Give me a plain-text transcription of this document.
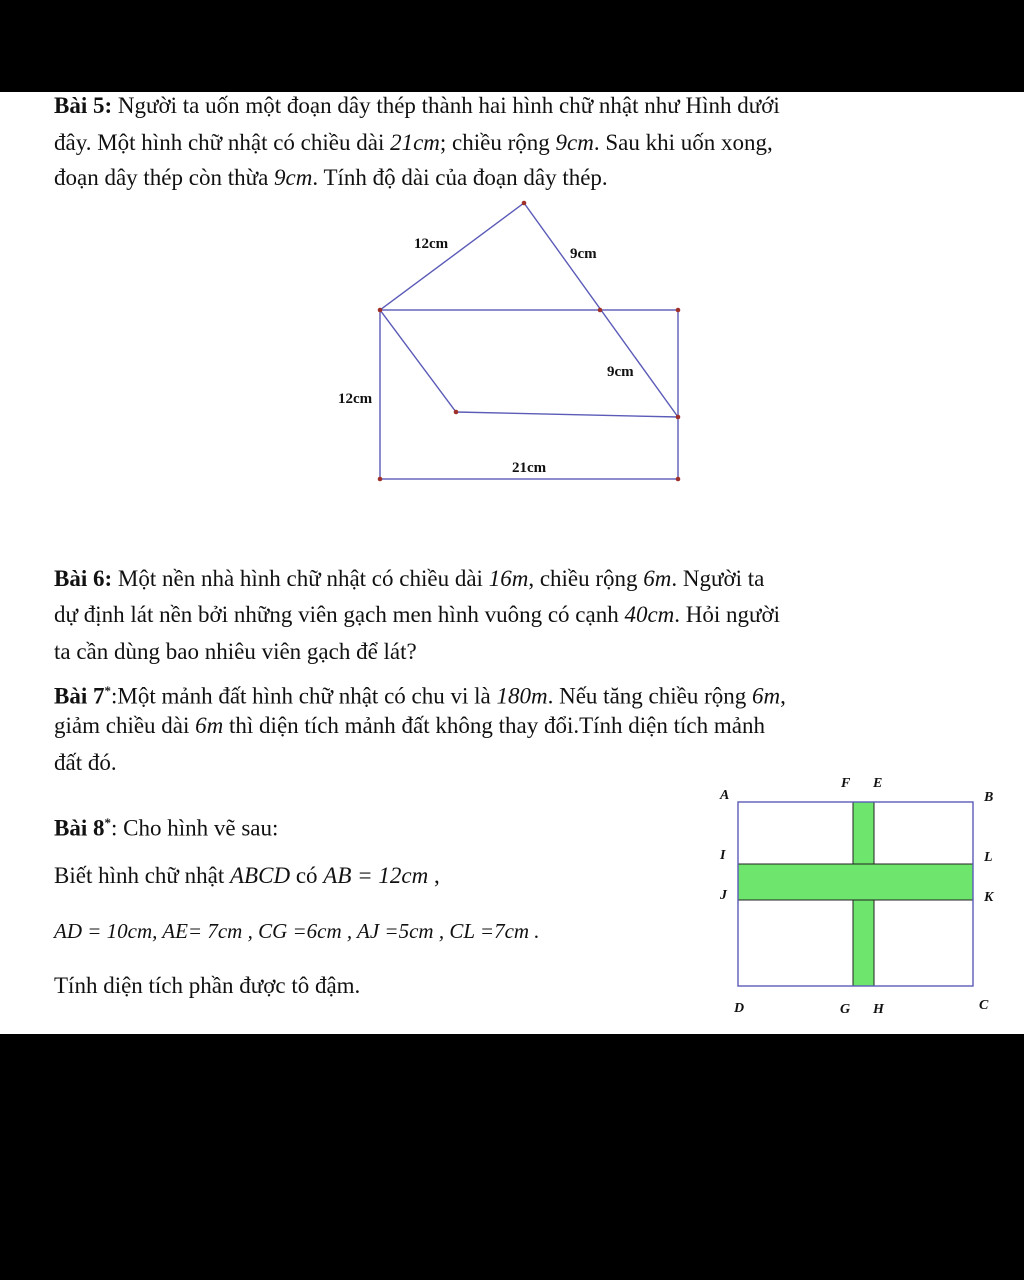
Bài 5: Người ta uốn một đoạn dây thép thành hai hình chữ nhật như Hình dưới
đây. Một hình chữ nhật có chiều dài 21cm; chiều rộng 9cm. Sau khi uốn xong,
đoạn dây thép còn thừa 9cm. Tính độ dài của đoạn dây thép.
12cm
9cm
9cm
12cm
21cm
Bài 6: Một nền nhà hình chữ nhật có chiều dài 16m, chiều rộng 6m. Người ta
dự định lát nền bởi những viên gạch men hình vuông có cạnh 40cm. Hỏi người
ta cần dùng bao nhiêu viên gạch để lát?
Bài 7*:Một mảnh đất hình chữ nhật có chu vi là 180m. Nếu tăng chiều rộng 6m,
giảm chiều dài 6m thì diện tích mảnh đất không thay đổi.Tính diện tích mảnh
đất đó.
Bài 8*: Cho hình vẽ sau:
Biết hình chữ nhật ABCD có AB = 12cm ,
AD = 10cm, AE= 7cm , CG =6cm , AJ =5cm , CL =7cm .
Tính diện tích phần được tô đậm.
A	B
C
D
E
F
G H
I
J	K
L
